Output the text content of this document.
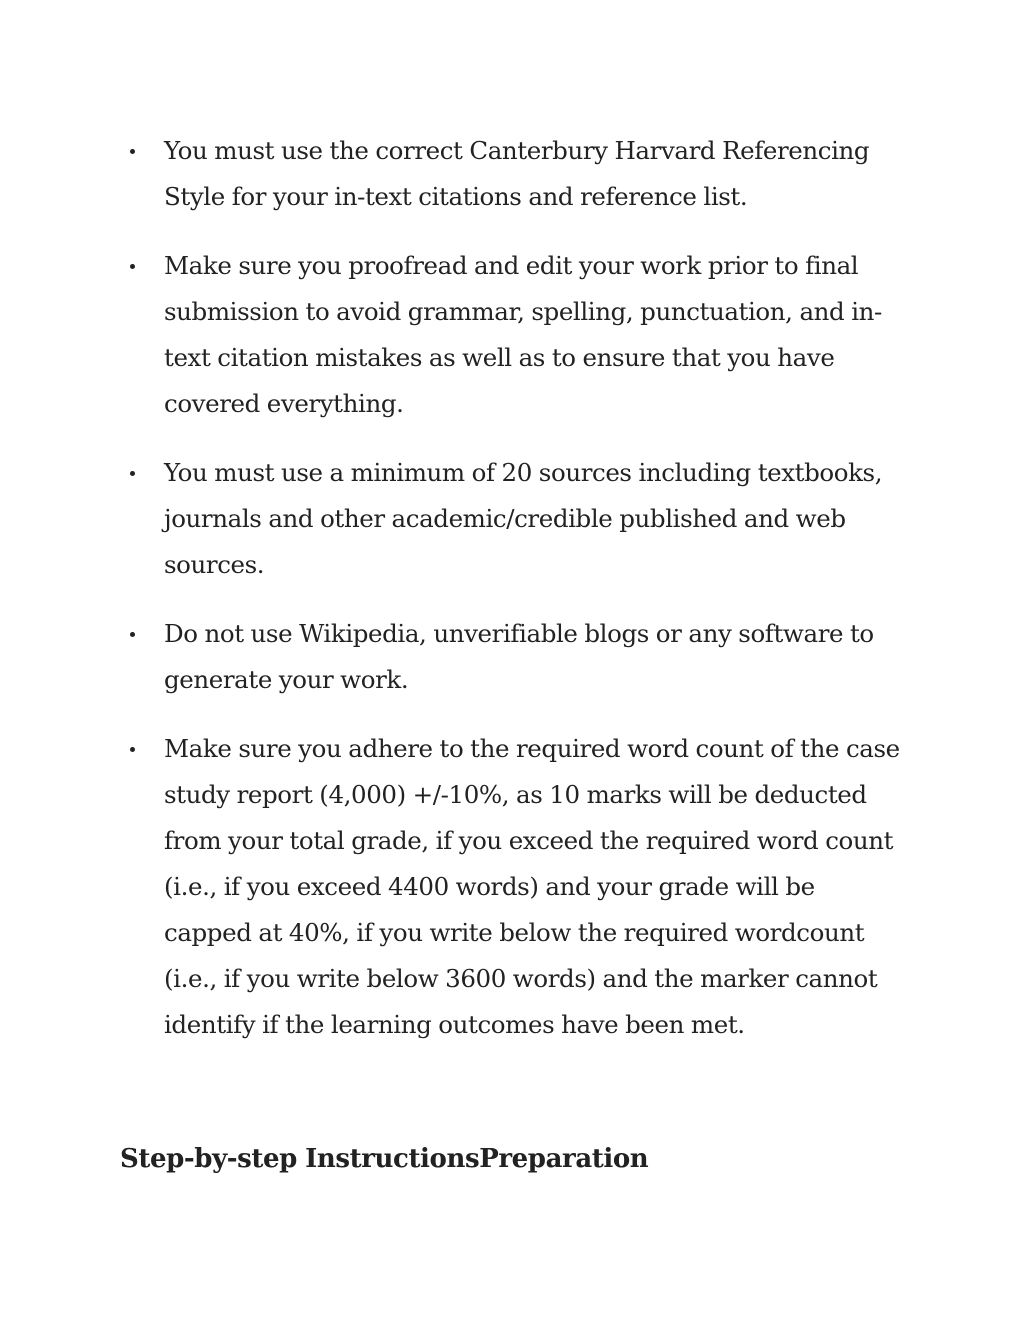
You must use the correct Canterbury Harvard Referencing Style for your in-text citations and reference list.
Make sure you proofread and edit your work prior to final submission to avoid grammar, spelling, punctuation, and in-text citation mistakes as well as to ensure that you have covered everything.
You must use a minimum of 20 sources including textbooks, journals and other academic/credible published and web sources.
Do not use Wikipedia, unverifiable blogs or any software to generate your work.
Make sure you adhere to the required word count of the case study report (4,000) +/-10%, as 10 marks will be deducted from your total grade, if you exceed the required word count (i.e., if you exceed 4400 words) and your grade will be capped at 40%, if you write below the required wordcount (i.e., if you write below 3600 words) and the marker cannot identify if the learning outcomes have been met.
Step-by-step InstructionsPreparation
